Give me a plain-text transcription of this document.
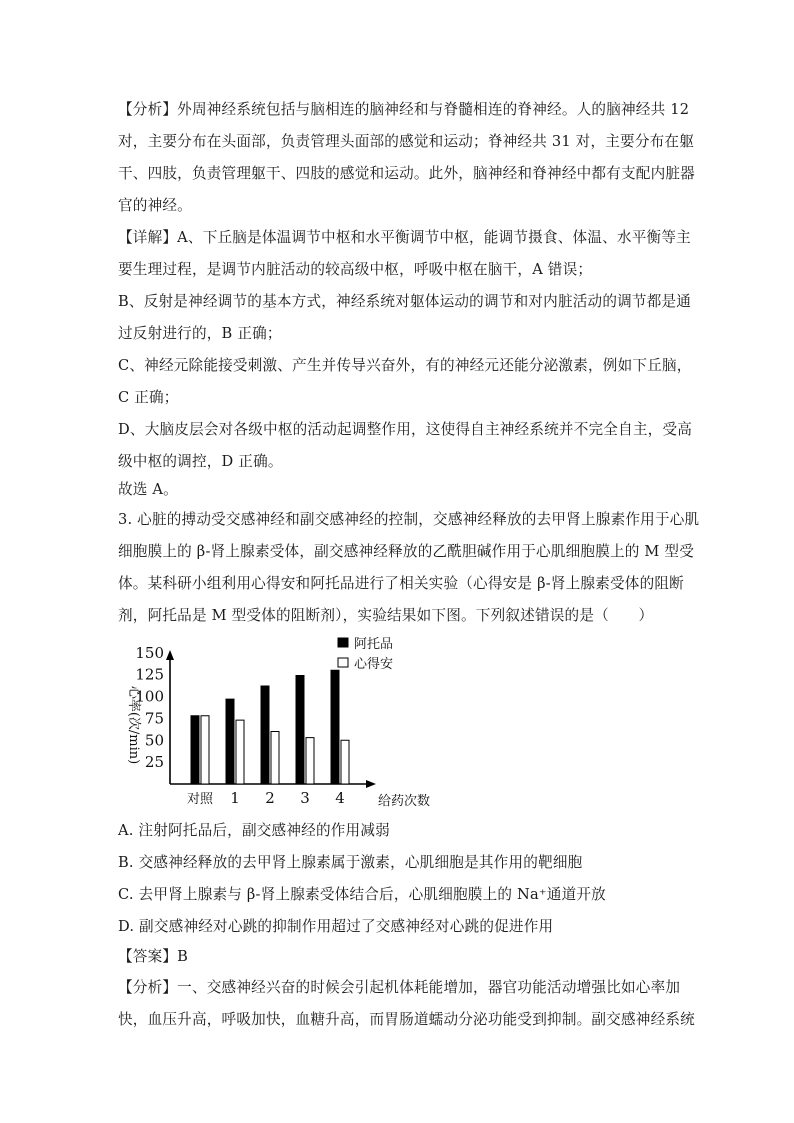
【分析】外周神经系统包括与脑相连的脑神经和与脊髓相连的脊神经。人的脑神经共 12
对，主要分布在头面部，负责管理头面部的感觉和运动；脊神经共 31 对，主要分布在躯
干、四肢，负责管理躯干、四肢的感觉和运动。此外，脑神经和脊神经中都有支配内脏器
官的神经。
【详解】A、下丘脑是体温调节中枢和水平衡调节中枢，能调节摄食、体温、水平衡等主
要生理过程，是调节内脏活动的较高级中枢，呼吸中枢在脑干，A 错误；
B、反射是神经调节的基本方式，神经系统对躯体运动的调节和对内脏活动的调节都是通
过反射进行的，B 正确；
C、神经元除能接受刺激、产生并传导兴奋外，有的神经元还能分泌激素，例如下丘脑，
C 正确；
D、大脑皮层会对各级中枢的活动起调整作用，这使得自主神经系统并不完全自主，受高
级中枢的调控，D 正确。
故选 A。
3. 心脏的搏动受交感神经和副交感神经的控制，交感神经释放的去甲肾上腺素作用于心肌
细胞膜上的 β-肾上腺素受体，副交感神经释放的乙酰胆碱作用于心肌细胞膜上的 M 型受
体。某科研小组利用心得安和阿托品进行了相关实验（心得安是 β-肾上腺素受体的阻断
剂，阿托品是 M 型受体的阻断剂），实验结果如下图。下列叙述错误的是（　　）
25
50
75
100
125
150
心率(次/min)
对照 1 2 3 4	给药次数
阿托品
心得安
A. 注射阿托品后，副交感神经的作用减弱
B. 交感神经释放的去甲肾上腺素属于激素，心肌细胞是其作用的靶细胞
C. 去甲肾上腺素与 β-肾上腺素受体结合后，心肌细胞膜上的 Na⁺通道开放
D. 副交感神经对心跳的抑制作用超过了交感神经对心跳的促进作用
【答案】B
【分析】一、交感神经兴奋的时候会引起机体耗能增加，器官功能活动增强比如心率加
快，血压升高，呼吸加快，血糖升高，而胃肠道蠕动分泌功能受到抑制。副交感神经系统
